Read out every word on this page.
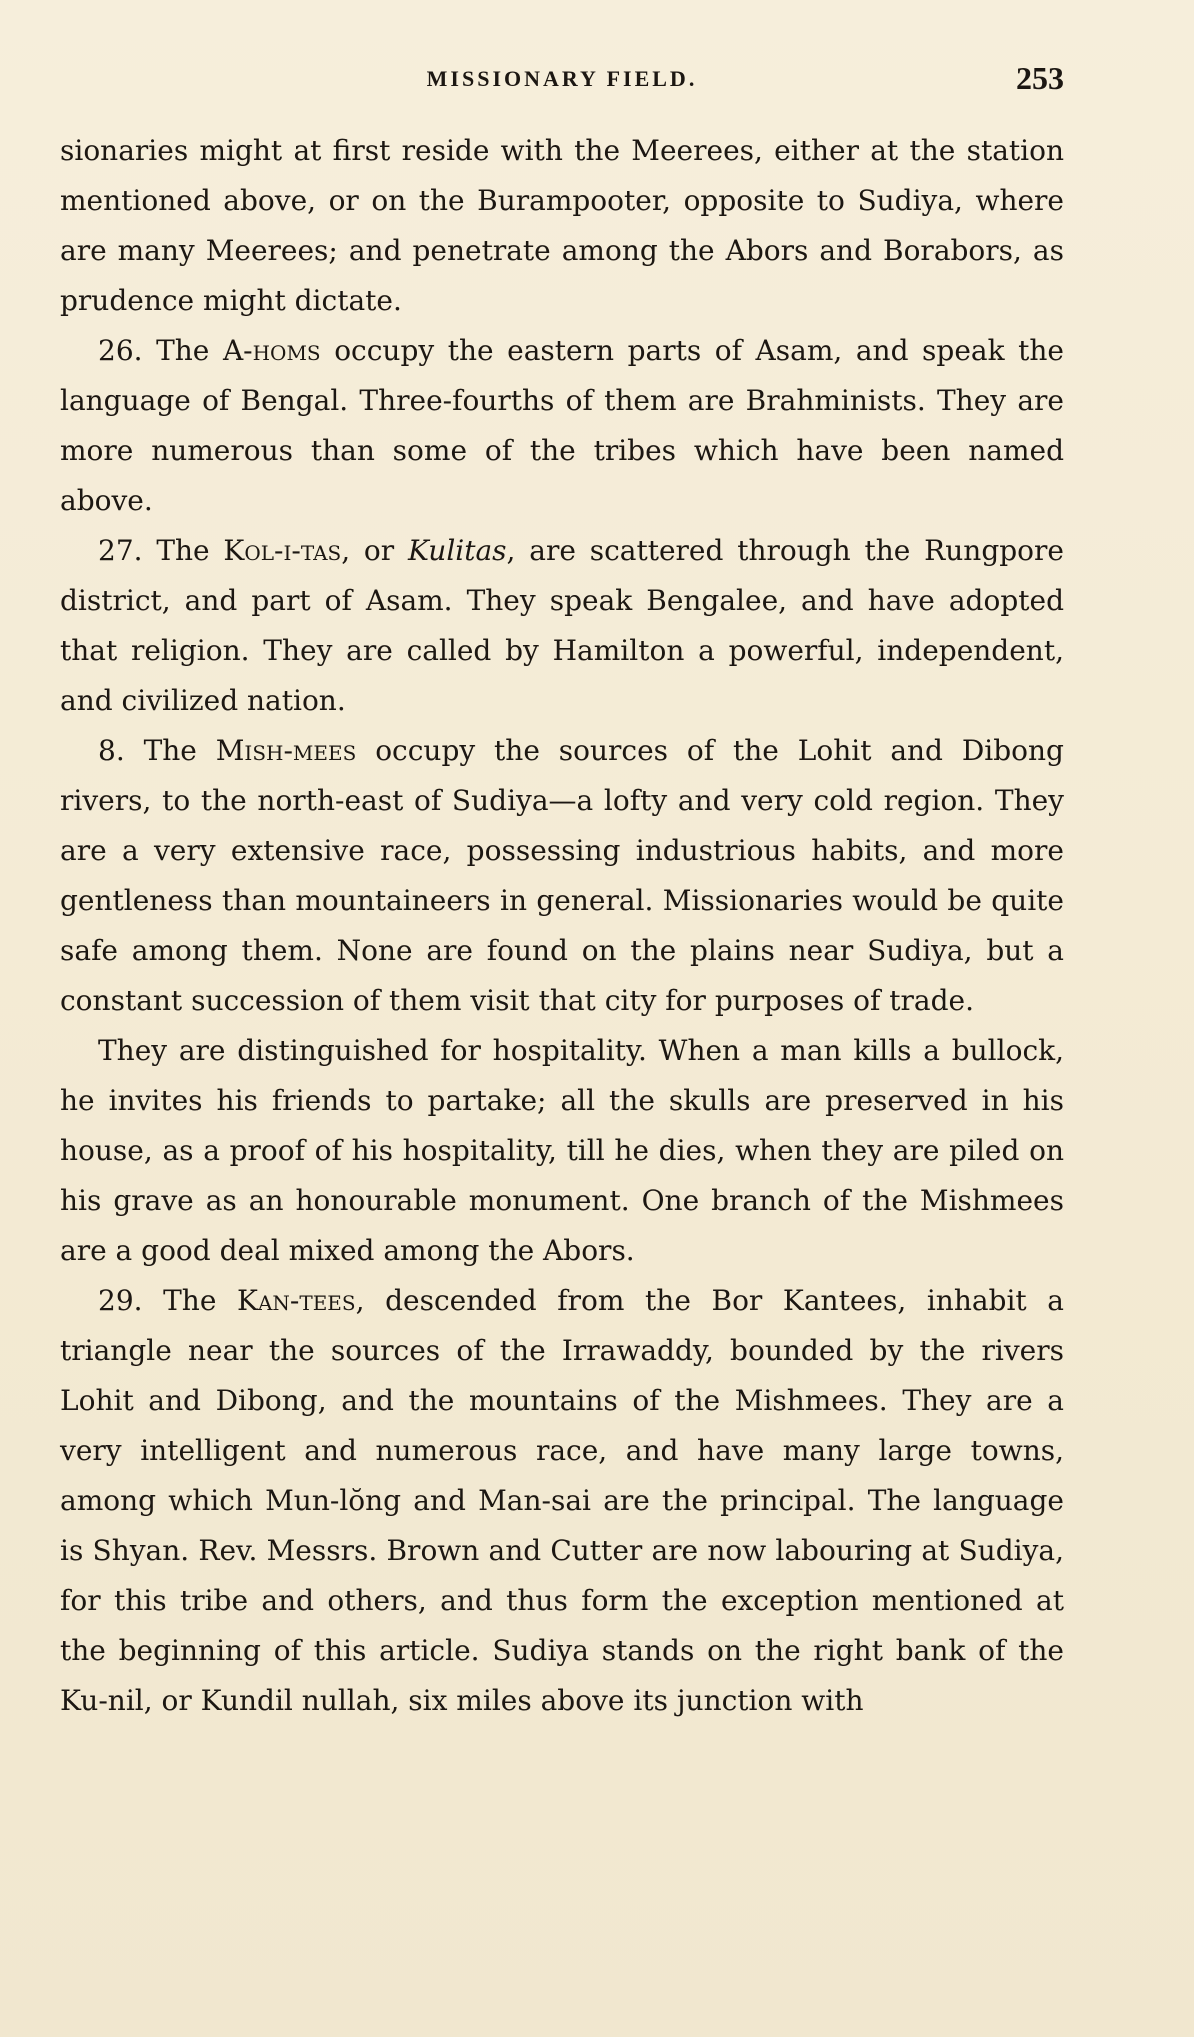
MISSIONARY FIELD.	253

sionaries might at first reside with the Meerees, either at the station mentioned above, or on the Burampooter, opposite to Sudiya, where are many Meerees; and penetrate among the Abors and Borabors, as prudence might dictate.

26. The A-homs occupy the eastern parts of Asam, and speak the language of Bengal. Three-fourths of them are Brahminists. They are more numerous than some of the tribes which have been named above.

27. The Kol-i-tas, or Kulitas, are scattered through the Rungpore district, and part of Asam. They speak Bengalee, and have adopted that religion. They are called by Hamilton a powerful, independent, and civilized nation.

8. The Mish-mees occupy the sources of the Lohit and Dibong rivers, to the north-east of Sudiya—a lofty and very cold region. They are a very extensive race, possessing industrious habits, and more gentleness than mountaineers in general. Missionaries would be quite safe among them. None are found on the plains near Sudiya, but a constant succession of them visit that city for purposes of trade.

They are distinguished for hospitality. When a man kills a bullock, he invites his friends to partake; all the skulls are preserved in his house, as a proof of his hospitality, till he dies, when they are piled on his grave as an honourable monument. One branch of the Mishmees are a good deal mixed among the Abors.

29. The Kan-tees, descended from the Bor Kantees, inhabit a triangle near the sources of the Irrawaddy, bounded by the rivers Lohit and Dibong, and the mountains of the Mishmees. They are a very intelligent and numerous race, and have many large towns, among which Mun-lŏng and Man-sai are the principal. The language is Shyan. Rev. Messrs. Brown and Cutter are now labouring at Sudiya, for this tribe and others, and thus form the exception mentioned at the beginning of this article. Sudiya stands on the right bank of the Ku-nil, or Kundil nullah, six miles above its junction with
